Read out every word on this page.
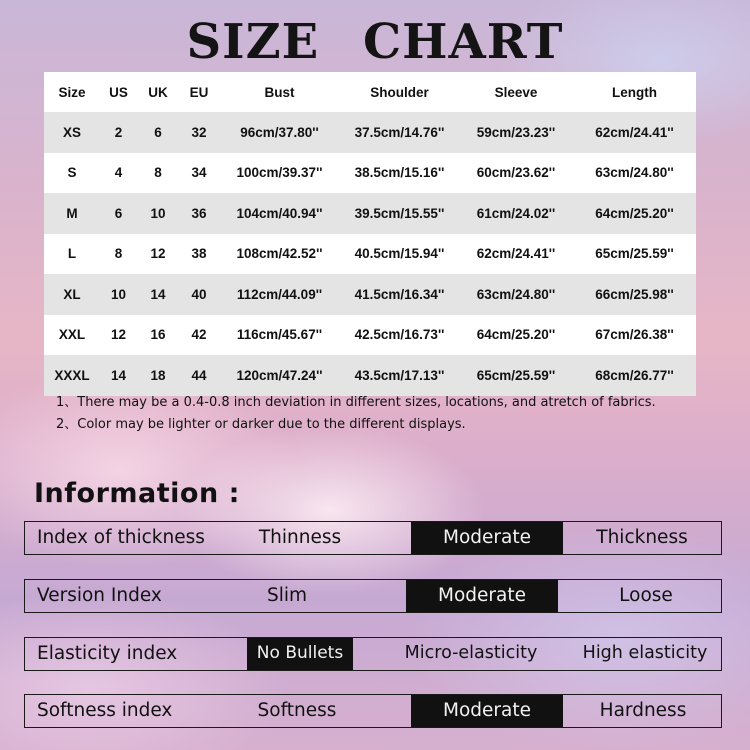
SIZE CHART
Size	US	UK	EU	Bust	Shoulder	Sleeve	Length
XS	2	6	32	96cm/37.80''	37.5cm/14.76''	59cm/23.23''	62cm/24.41''
S	4	8	34	100cm/39.37''	38.5cm/15.16''	60cm/23.62''	63cm/24.80''
M	6	10	36	104cm/40.94''	39.5cm/15.55''	61cm/24.02''	64cm/25.20''
L	8	12	38	108cm/42.52''	40.5cm/15.94''	62cm/24.41''	65cm/25.59''
XL	10	14	40	112cm/44.09''	41.5cm/16.34''	63cm/24.80''	66cm/25.98''
XXL	12	16	42	116cm/45.67''	42.5cm/16.73''	64cm/25.20''	67cm/26.38''
XXXL	14	18	44	120cm/47.24''	43.5cm/17.13''	65cm/25.59''	68cm/26.77''
1、There may be a 0.4-0.8 inch deviation in different sizes, locations, and atretch of fabrics.
2、Color may be lighter or darker due to the different displays.
Information :
Index of thickness	Thinness	Moderate	Thickness
Version Index	Slim	Moderate	Loose
Elasticity index	No Bullets	Micro-elasticity	High elasticity
Softness index	Softness	Moderate	Hardness
